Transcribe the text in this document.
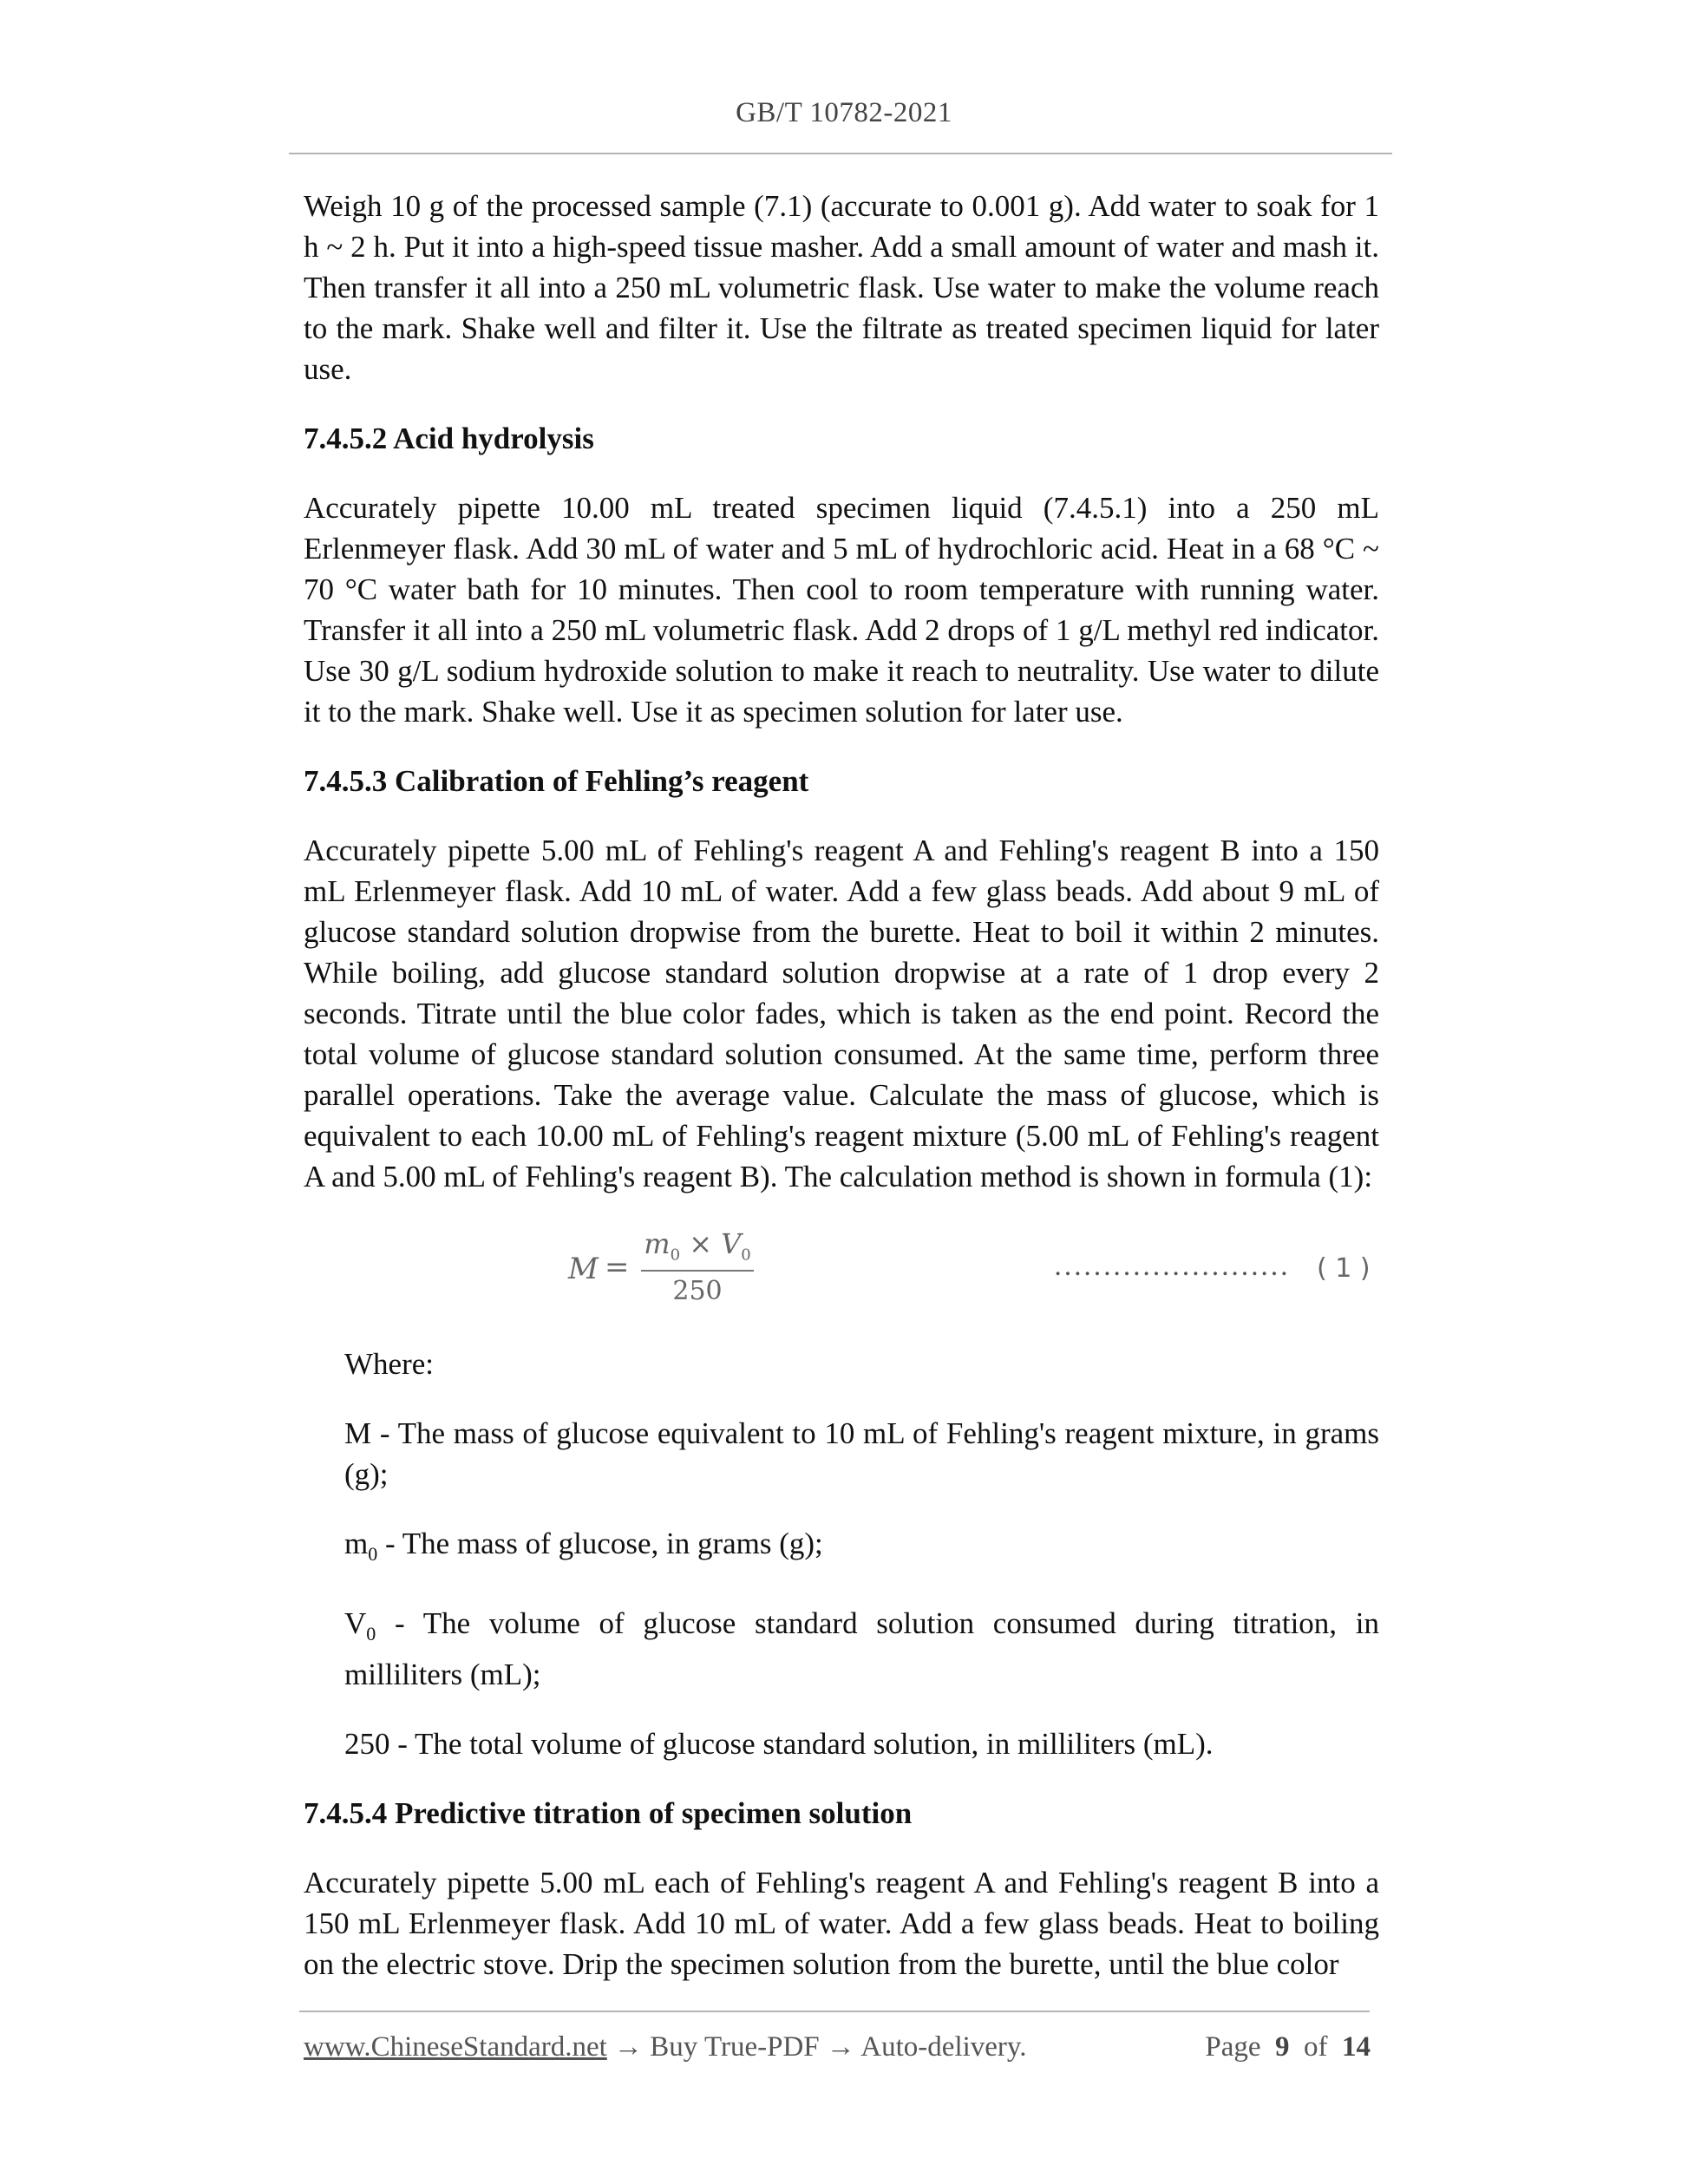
GB/T 10782-2021

Weigh 10 g of the processed sample (7.1) (accurate to 0.001 g). Add water to soak for 1 h ~ 2 h. Put it into a high-speed tissue masher. Add a small amount of water and mash it. Then transfer it all into a 250 mL volumetric flask. Use water to make the volume reach to the mark. Shake well and filter it. Use the filtrate as treated specimen liquid for later use.

7.4.5.2 Acid hydrolysis

Accurately pipette 10.00 mL treated specimen liquid (7.4.5.1) into a 250 mL Erlenmeyer flask. Add 30 mL of water and 5 mL of hydrochloric acid. Heat in a 68 °C ~ 70 °C water bath for 10 minutes. Then cool to room temperature with running water. Transfer it all into a 250 mL volumetric flask. Add 2 drops of 1 g/L methyl red indicator. Use 30 g/L sodium hydroxide solution to make it reach to neutrality. Use water to dilute it to the mark. Shake well. Use it as specimen solution for later use.

7.4.5.3 Calibration of Fehling’s reagent

Accurately pipette 5.00 mL of Fehling's reagent A and Fehling's reagent B into a 150 mL Erlenmeyer flask. Add 10 mL of water. Add a few glass beads. Add about 9 mL of glucose standard solution dropwise from the burette. Heat to boil it within 2 minutes. While boiling, add glucose standard solution dropwise at a rate of 1 drop every 2 seconds. Titrate until the blue color fades, which is taken as the end point. Record the total volume of glucose standard solution consumed. At the same time, perform three parallel operations. Take the average value. Calculate the mass of glucose, which is equivalent to each 10.00 mL of Fehling's reagent mixture (5.00 mL of Fehling's reagent A and 5.00 mL of Fehling's reagent B). The calculation method is shown in formula (1):

M =
$m_0 \times V_0$
250
…………………… ( 1 )

Where:

M - The mass of glucose equivalent to 10 mL of Fehling's reagent mixture, in grams (g);

$m_0$ - The mass of glucose, in grams (g);

$V_0$ - The volume of glucose standard solution consumed during titration, in milliliters (mL);

250 - The total volume of glucose standard solution, in milliliters (mL).

7.4.5.4 Predictive titration of specimen solution

Accurately pipette 5.00 mL each of Fehling's reagent A and Fehling's reagent B into a 150 mL Erlenmeyer flask. Add 10 mL of water. Add a few glass beads. Heat to boiling on the electric stove. Drip the specimen solution from the burette, until the blue color

www.ChineseStandard.net → Buy True-PDF → Auto-delivery.	Page 9 of 14
